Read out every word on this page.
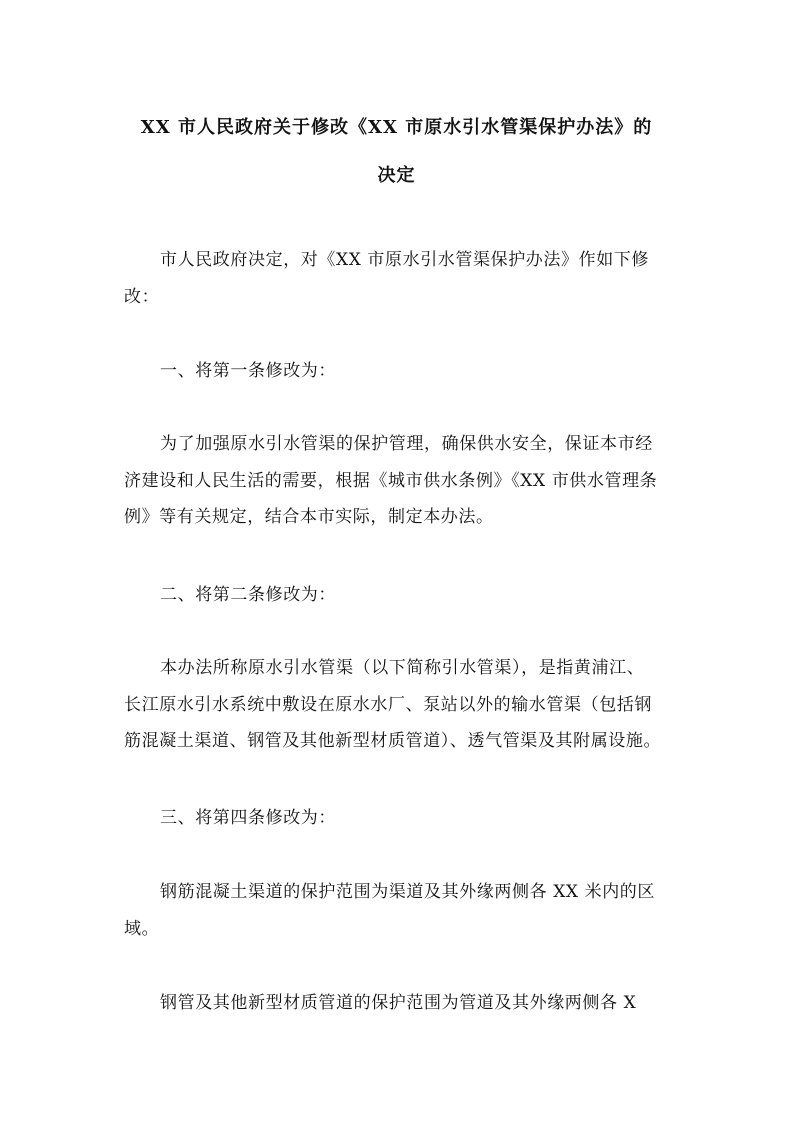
XX 市人民政府关于修改《XX 市原水引水管渠保护办法》的
决定
市人民政府决定，对《XX 市原水引水管渠保护办法》作如下修
改：
一、将第一条修改为：
为了加强原水引水管渠的保护管理，确保供水安全，保证本市经
济建设和人民生活的需要，根据《城市供水条例》《XX 市供水管理条
例》等有关规定，结合本市实际，制定本办法。
二、将第二条修改为：
本办法所称原水引水管渠（以下简称引水管渠），是指黄浦江、
长江原水引水系统中敷设在原水水厂、泵站以外的输水管渠（包括钢
筋混凝土渠道、钢管及其他新型材质管道）、透气管渠及其附属设施。
三、将第四条修改为：
钢筋混凝土渠道的保护范围为渠道及其外缘两侧各 XX 米内的区
域。
钢管及其他新型材质管道的保护范围为管道及其外缘两侧各 X
